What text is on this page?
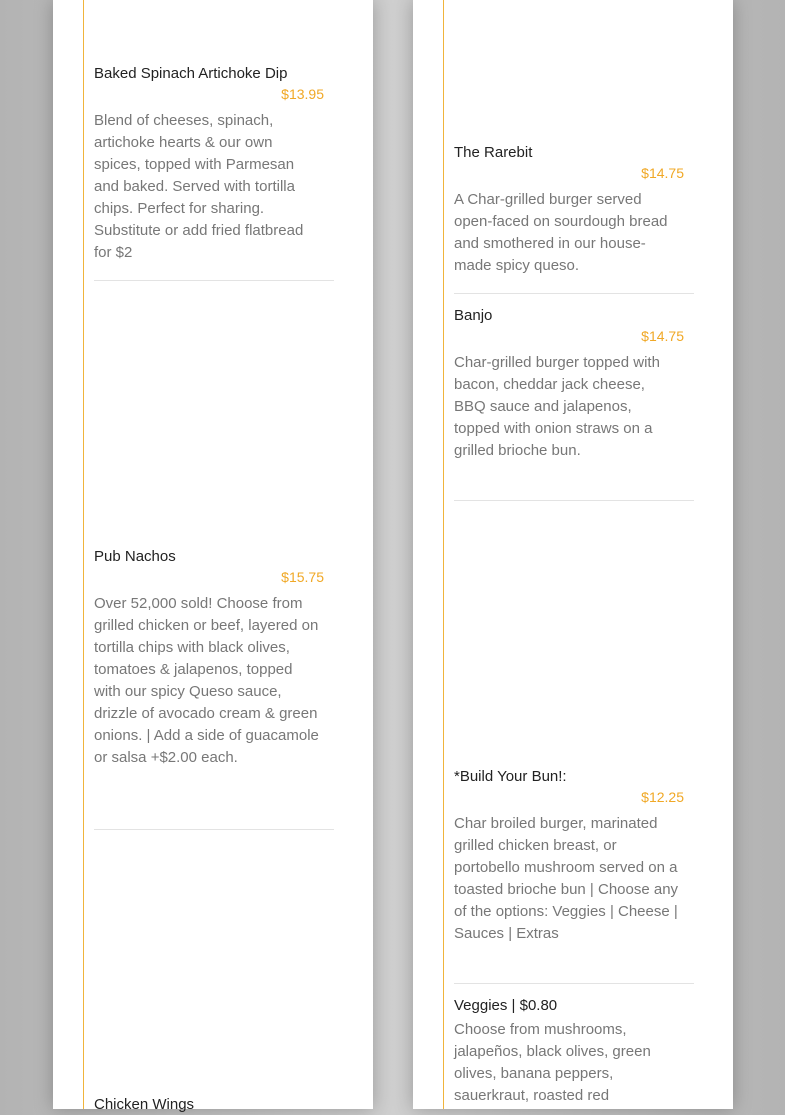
Baked Spinach Artichoke Dip
$13.95
Blend of cheeses, spinach, artichoke hearts & our own spices, topped with Parmesan and baked. Served with tortilla chips. Perfect for sharing. Substitute or add fried flatbread for $2
Pub Nachos
$15.75
Over 52,000 sold! Choose from grilled chicken or beef, layered on tortilla chips with black olives, tomatoes & jalapenos, topped with our spicy Queso sauce, drizzle of avocado cream & green onions. | Add a side of guacamole or salsa +$2.00 each.
Chicken Wings
The Rarebit
$14.75
A Char-grilled burger served open-faced on sourdough bread and smothered in our house-made spicy queso.
Banjo
$14.75
Char-grilled burger topped with bacon, cheddar jack cheese, BBQ sauce and jalapenos, topped with onion straws on a grilled brioche bun.
*Build Your Bun!:
$12.25
Char broiled burger, marinated grilled chicken breast, or portobello mushroom served on a toasted brioche bun | Choose any of the options: Veggies | Cheese | Sauces | Extras
Veggies | $0.80
Choose from mushrooms, jalapeños, black olives, green olives, banana peppers, sauerkraut, roasted red
